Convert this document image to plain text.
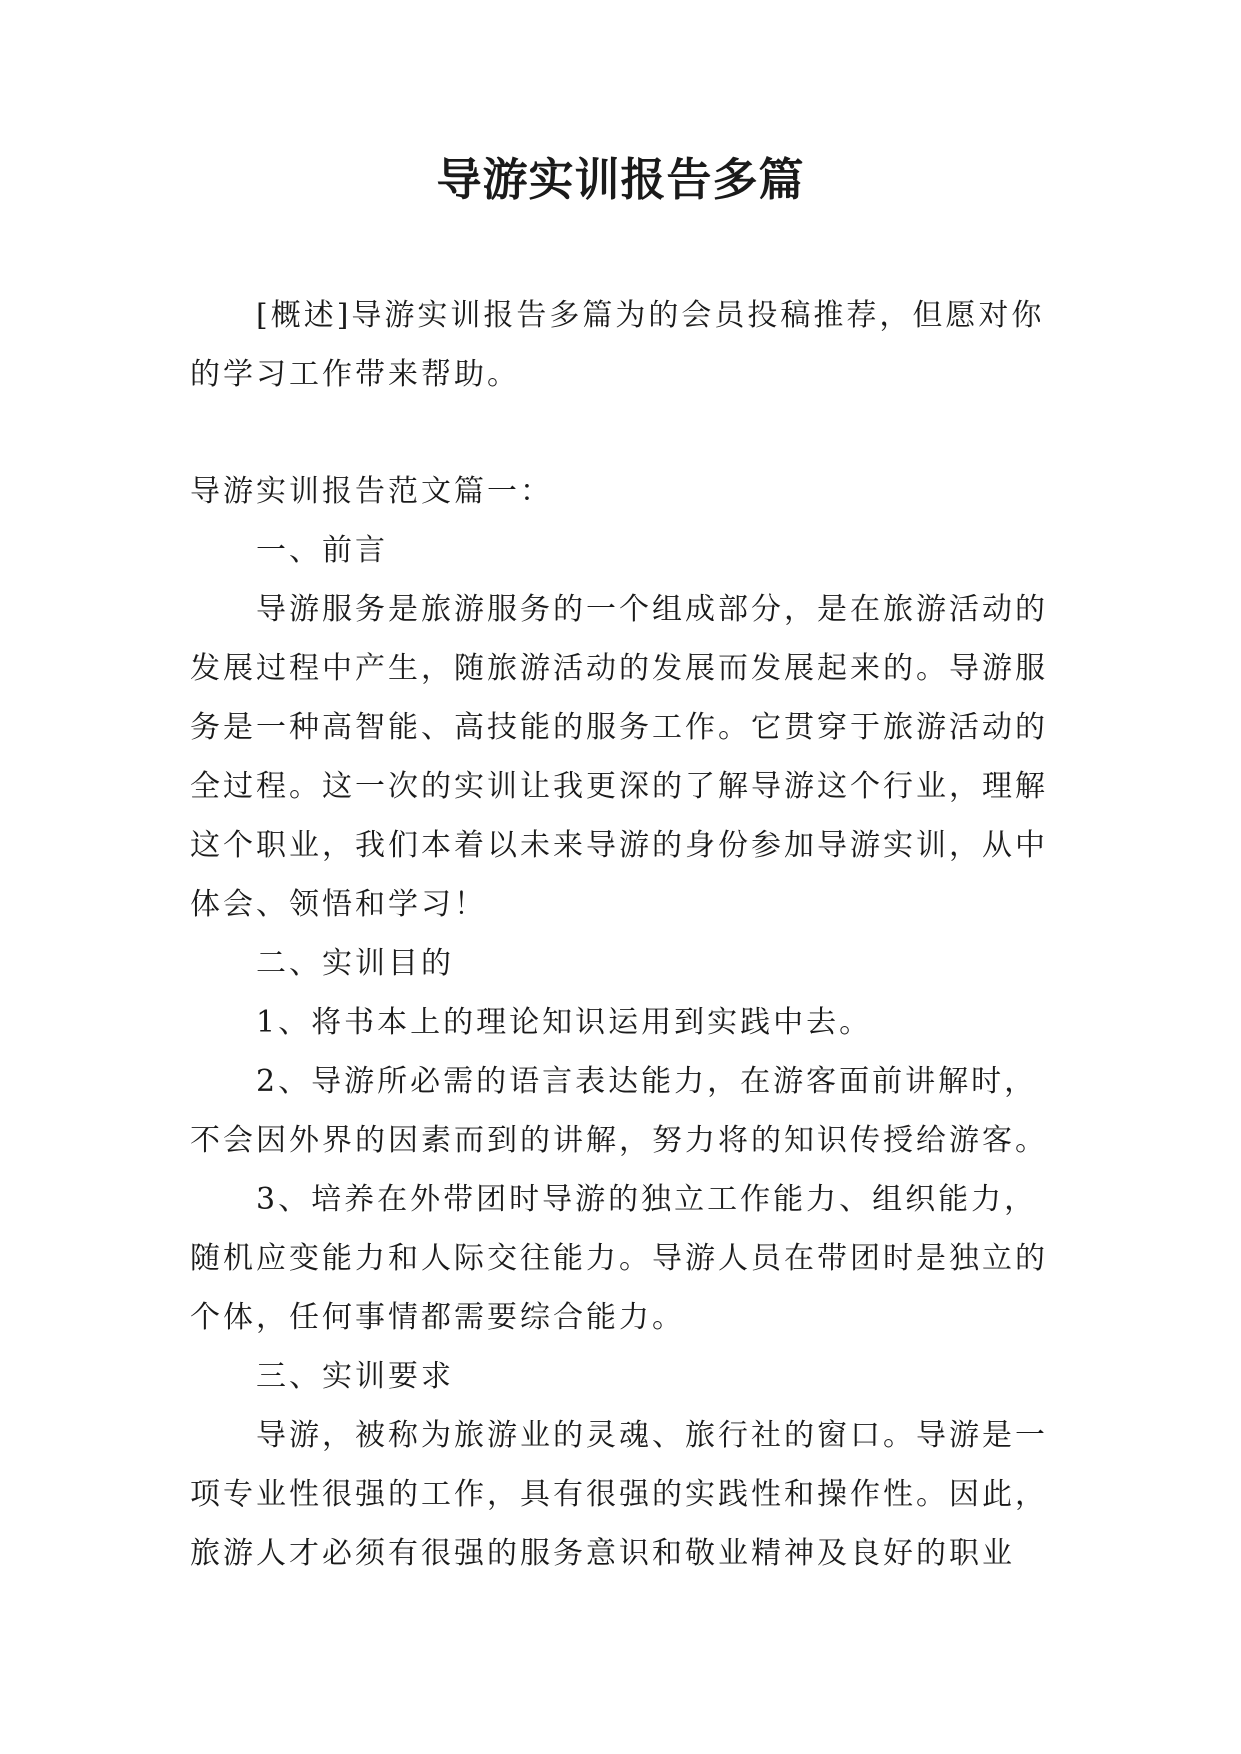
导游实训报告多篇

[概述]导游实训报告多篇为的会员投稿推荐，但愿对你的学习工作带来帮助。

导游实训报告范文篇一：

一、前言

导游服务是旅游服务的一个组成部分，是在旅游活动的发展过程中产生，随旅游活动的发展而发展起来的。导游服务是一种高智能、高技能的服务工作。它贯穿于旅游活动的全过程。这一次的实训让我更深的了解导游这个行业，理解这个职业，我们本着以未来导游的身份参加导游实训，从中体会、领悟和学习！

二、实训目的

1、将书本上的理论知识运用到实践中去。

2、导游所必需的语言表达能力，在游客面前讲解时，不会因外界的因素而到的讲解，努力将的知识传授给游客。

3、培养在外带团时导游的独立工作能力、组织能力，随机应变能力和人际交往能力。导游人员在带团时是独立的个体，任何事情都需要综合能力。

三、实训要求

导游，被称为旅游业的灵魂、旅行社的窗口。导游是一项专业性很强的工作，具有很强的实践性和操作性。因此，旅游人才必须有很强的服务意识和敬业精神及良好的职业
